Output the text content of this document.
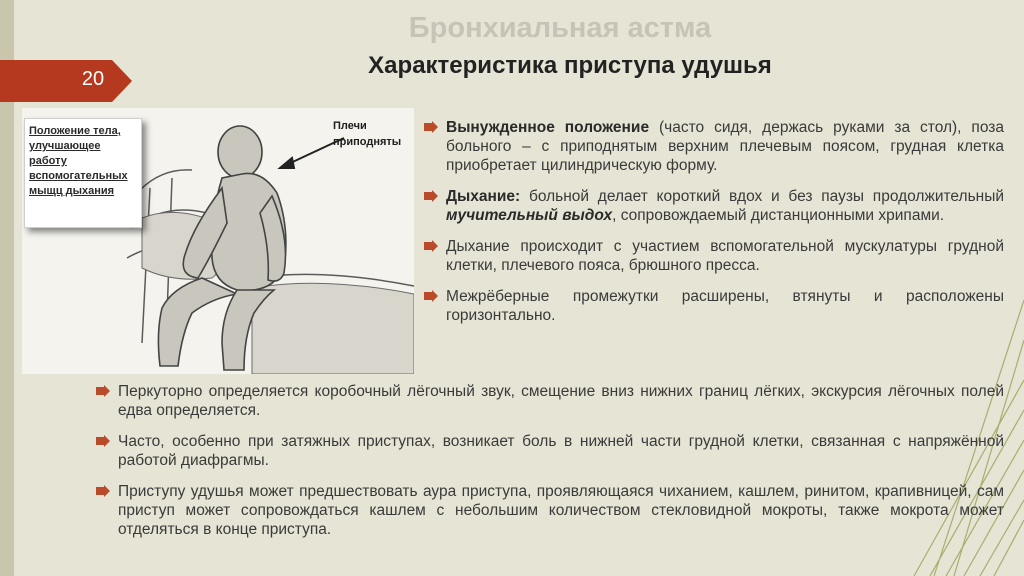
Бронхиальная астма
Характеристика приступа удушья
20
Положение тела, улучшающее работу вспомогательных мыщц дыхания
Плечи приподняты
Вынужденное положение (часто сидя, держась руками за стол), поза больного – с приподнятым верхним плечевым поясом, грудная клетка приобретает цилиндрическую форму.
Дыхание: больной делает короткий вдох и без паузы продолжительный мучительный выдох, сопровождаемый дистанционными хрипами.
Дыхание происходит с участием вспомогательной мускулатуры грудной клетки, плечевого пояса, брюшного пресса.
Межрёберные промежутки расширены, втянуты и расположены горизонтально.
Перкуторно определяется коробочный лёгочный звук, смещение вниз нижних границ лёгких, экскурсия лёгочных полей едва определяется.
Часто, особенно при затяжных приступах, возникает боль в нижней части грудной клетки, связанная с напряжённой работой диафрагмы.
Приступу удушья может предшествовать аура приступа, проявляющаяся чиханием, кашлем, ринитом, крапивницей, сам приступ может сопровождаться кашлем с небольшим количеством стекловидной мокроты, также мокрота может отделяться в конце приступа.
